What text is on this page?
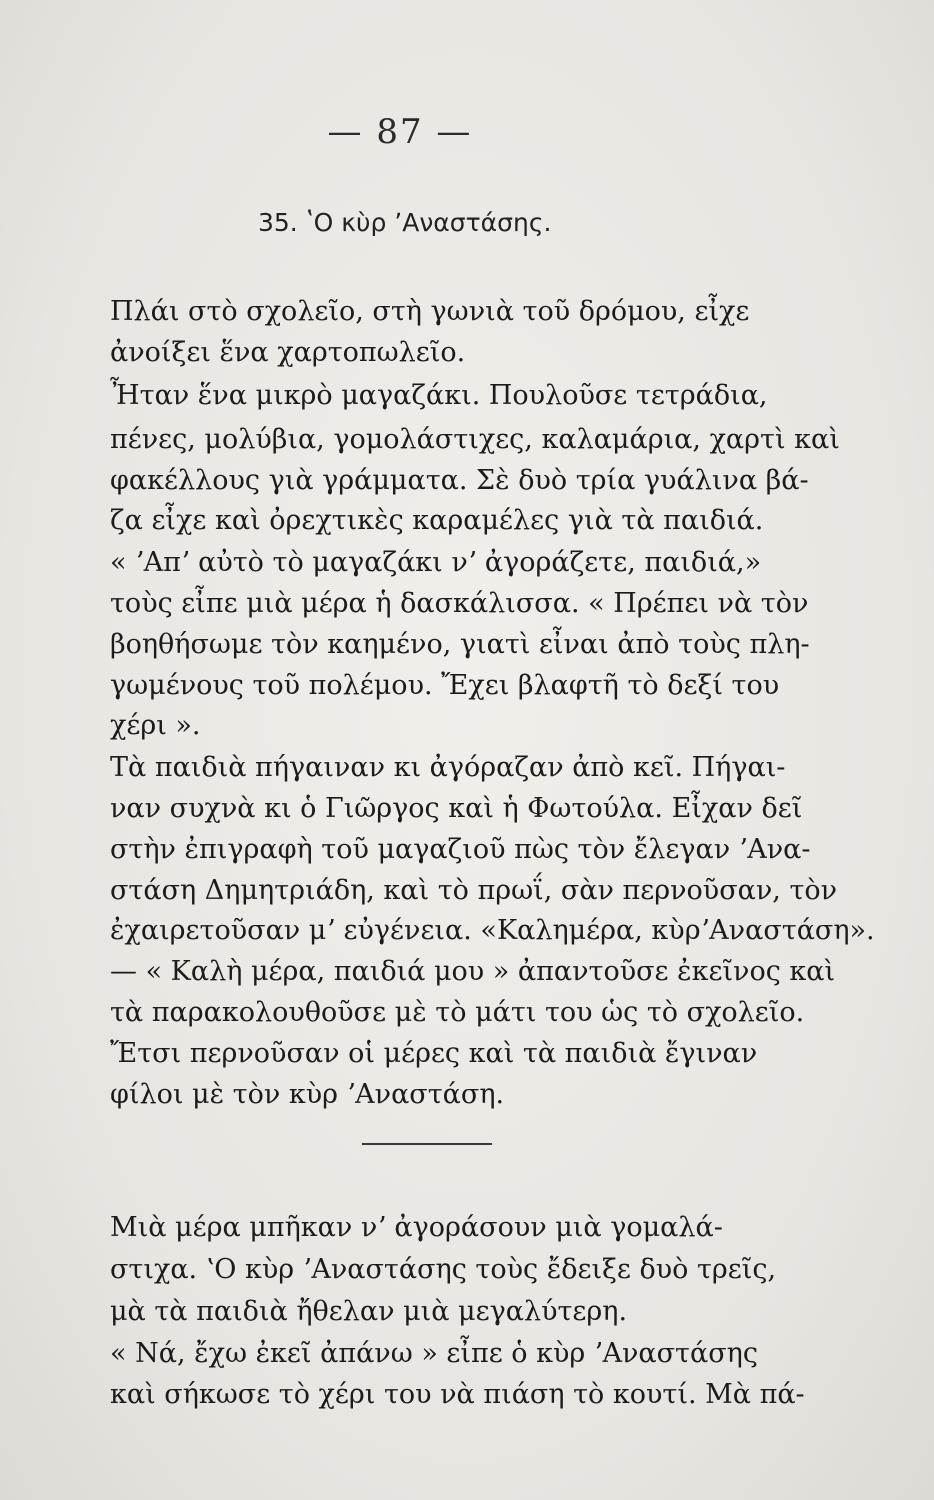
— 87 —
35. ʽΟ κὺρ ʼΑναστάσης.
Πλάι στὸ σχολεῖο, στὴ γωνιὰ τοῦ δρόμου, εἶχε
ἀνοίξει ἕνα χαρτοπωλεῖο.
Ἦταν ἕνα μικρὸ μαγαζάκι. Πουλοῦσε τετράδια,
πένες, μολύβια, γομολάστιχες, καλαμάρια, χαρτὶ καὶ
φακέλλους γιὰ γράμματα. Σὲ δυὸ τρία γυάλινα βά-
ζα εἶχε καὶ ὀρεχτικὲς καραμέλες γιὰ τὰ παιδιά.
« ʼΑπʼ αὐτὸ τὸ μαγαζάκι νʼ ἀγοράζετε, παιδιά,»
τοὺς εἶπε μιὰ μέρα ἡ δασκάλισσα. « Πρέπει νὰ τὸν
βοηθήσωμε τὸν καημένο, γιατὶ εἶναι ἀπὸ τοὺς πλη-
γωμένους τοῦ πολέμου. Ἔχει βλαφτῆ τὸ δεξί του
χέρι ».
Τὰ παιδιὰ πήγαιναν κι ἀγόραζαν ἀπὸ κεῖ. Πήγαι-
ναν συχνὰ κι ὁ Γιῶργος καὶ ἡ Φωτούλα. Εἶχαν δεῖ
στὴν ἐπιγραφὴ τοῦ μαγαζιοῦ πὼς τὸν ἔλεγαν ʼΑνα-
στάση Δημητριάδη, καὶ τὸ πρωΐ, σὰν περνοῦσαν, τὸν
ἐχαιρετοῦσαν μʼ εὐγένεια. «Καλημέρα, κὺρʼΑναστάση».
— « Καλὴ μέρα, παιδιά μου » ἀπαντοῦσε ἐκεῖνος καὶ
τὰ παρακολουθοῦσε μὲ τὸ μάτι του ὡς τὸ σχολεῖο.
Ἔτσι περνοῦσαν οἱ μέρες καὶ τὰ παιδιὰ ἔγιναν
φίλοι μὲ τὸν κὺρ ʼΑναστάση.
Μιὰ μέρα μπῆκαν νʼ ἀγοράσουν μιὰ γομαλά-
στιχα. ʽΟ κὺρ ʼΑναστάσης τοὺς ἔδειξε δυὸ τρεῖς,
μὰ τὰ παιδιὰ ἤθελαν μιὰ μεγαλύτερη.
« Νά, ἔχω ἐκεῖ ἀπάνω » εἶπε ὁ κὺρ ʼΑναστάσης
καὶ σήκωσε τὸ χέρι του νὰ πιάση τὸ κουτί. Μὰ πά-
